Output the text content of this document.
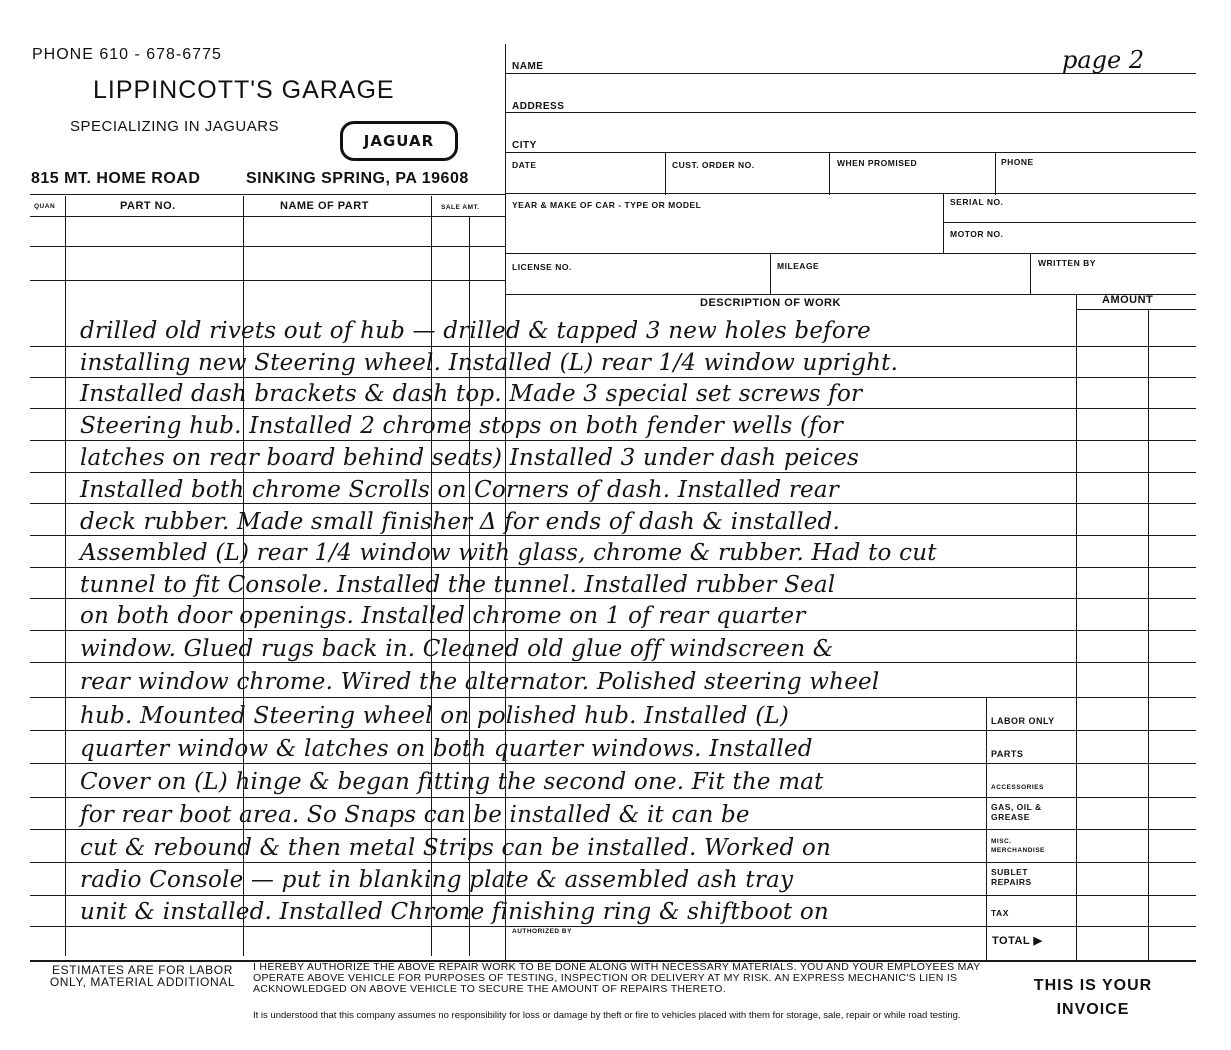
PHONE 610 - 678-6775
LIPPINCOTT'S GARAGE
SPECIALIZING IN JAGUARS
JAGUAR
815 MT. HOME ROAD	SINKING SPRING, PA 19608
QUAN	PART NO.	NAME OF PART	SALE AMT.
NAME	page 2
ADDRESS
CITY
DATE	CUST. ORDER NO.	WHEN PROMISED	PHONE
YEAR & MAKE OF CAR - TYPE OR MODEL	SERIAL NO.
MOTOR NO.
LICENSE NO.	MILEAGE	WRITTEN BY
DESCRIPTION OF WORK	AMOUNT
LABOR ONLY
PARTS
ACCESSORIES
GAS, OIL & GREASE
MISC. MERCHANDISE
SUBLET REPAIRS
TAX
TOTAL ▶
AUTHORIZED BY
drilled old rivets out of hub — drilled & tapped 3 new holes before
installing new Steering wheel. Installed (L) rear 1/4 window upright.
Installed dash brackets & dash top. Made 3 special set screws for
Steering hub. Installed 2 chrome stops on both fender wells (for
latches on rear board behind seats) Installed 3 under dash peices
Installed both chrome Scrolls on Corners of dash. Installed rear
deck rubber. Made small finisher Δ for ends of dash & installed.
Assembled (L) rear 1/4 window with glass, chrome & rubber. Had to cut
tunnel to fit Console. Installed the tunnel. Installed rubber Seal
on both door openings. Installed chrome on 1 of rear quarter
window. Glued rugs back in. Cleaned old glue off windscreen &
rear window chrome. Wired the alternator. Polished steering wheel
hub. Mounted Steering wheel on polished hub. Installed (L)
quarter window & latches on both quarter windows. Installed
Cover on (L) hinge & began fitting the second one. Fit the mat
for rear boot area. So Snaps can be installed & it can be
cut & rebound & then metal Strips can be installed. Worked on
radio Console — put in blanking plate & assembled ash tray
unit & installed. Installed Chrome finishing ring & shiftboot on
ESTIMATES ARE FOR LABOR ONLY, MATERIAL ADDITIONAL
I HEREBY AUTHORIZE THE ABOVE REPAIR WORK TO BE DONE ALONG WITH NECESSARY MATERIALS. YOU AND YOUR EMPLOYEES MAY OPERATE ABOVE VEHICLE FOR PURPOSES OF TESTING, INSPECTION OR DELIVERY AT MY RISK. AN EXPRESS MECHANIC'S LIEN IS ACKNOWLEDGED ON ABOVE VEHICLE TO SECURE THE AMOUNT OF REPAIRS THERETO.
It is understood that this company assumes no responsibility for loss or damage by theft or fire to vehicles placed with them for storage, sale, repair or while road testing.
THIS IS YOUR INVOICE
